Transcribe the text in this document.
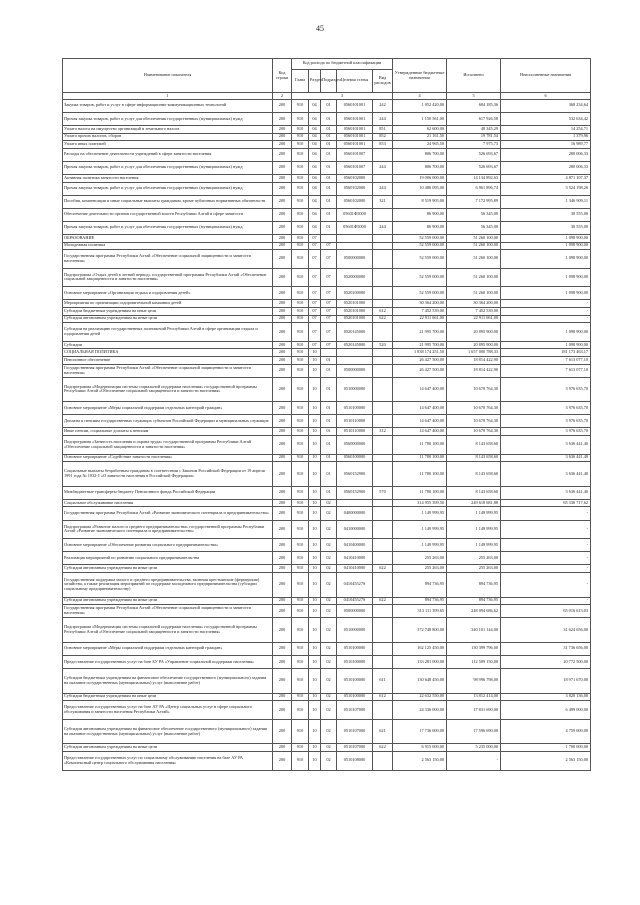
45
Наименование показателя	Код строки	Код расхода по бюджетной классификации					Утвержденные бюджетные назначения	Исполнено	Неисполненные назначения
		Глава	Раздел	Подраздел	Целевая статья	Вид расходов			
1	2	3					4	5	6
Закупка товаров, работ и услуг в сфере информационно-коммуникационных технологий	200	910	04	01	0560101001	242	1 052 420,00	684 185,36	368 234,64
Прочая закупка товаров, работ и услуг для обеспечения государственных (муниципальных) нужд	200	910	04	01	0560101001	244	1 150 561,00	617 926,58	532 634,42
Уплата налога на имущество организаций и земельного налога	200	910	04	01	0560101001	851	62 600,00	48 345,29	14 254,71
Уплата прочих налогов, сборов	200	910	04	01	0560101001	852	21 161,50	19 781,54	1 379,96
Уплата иных платежей	200	910	04	01	0560101001	853	24 965,50	7 975,73	16 989,77
Расходы на обеспечение деятельности учреждений в сфере занятости населения	200	910	04	01	0560101007		806 700,00	526 693,67	280 006,33
Прочая закупка товаров, работ и услуг для обеспечения государственных (муниципальных) нужд	200	910	04	01	0560101007	244	806 700,00	526 693,67	280 006,33
Активная политика занятости населения	200	910	04	01	0560102000		19 006 000,00	14 134 892,63	4 871 107,37
Прочая закупка товаров, работ и услуг для обеспечения государственных (муниципальных) нужд	200	910	04	01	0560102000	244	10 486 095,00	6 961 896,74	3 524 198,26
Пособия, компенсации и иные социальные выплаты гражданам, кроме публичных нормативных обязательств	200	910	04	01	0560102000	321	8 519 905,00	7 172 995,89	1 346 909,11
Обеспечение деятельности органов государственной власти Республики Алтай в сфере занятости	200	910	04	01	05601Ф5000		86 900,00	56 345,00	30 555,00
Прочая закупка товаров, работ и услуг для обеспечения государственных (муниципальных) нужд	200	910	04	01	05601Ф5000	244	86 900,00	56 345,00	30 555,00
ОБРАЗОВАНИЕ	200	910	07				52 559 000,00	51 260 100,00	1 098 900,00
Молодежная политика	200	910	07	07			52 559 000,00	51 260 100,00	1 098 900,00
Государственная программа Республики Алтай «Обеспечение социальной защищенности и занятости населения»	200	910	07	07	0500000000		52 559 000,00	51 260 100,00	1 098 900,00
Подпрограмма «Отдых детей в летний период» государственной программы Республики Алтай «Обеспечение социальной защищенности и занятости населения»	200	910	07	07	0520000000		52 559 000,00	51 260 100,00	1 098 900,00
Основное мероприятие «Организация отдыха и оздоровления детей»	200	910	07	07	0520100000		52 559 000,00	51 260 100,00	1 098 900,00
Мероприятия по организации оздоровительной кампании детей	200	910	07	07	0520101000		30 364 200,00	30 364 200,00	-
Субсидии бюджетным учреждениям на иные цели	200	910	07	07	0520101000	612	7 452 539,00	7 452 539,00	-
Субсидии автономным учреждениям на иные цели	200	910	07	07	0520101000	622	22 911 661,00	22 911 661,00	-
Субсидии на реализацию государственных полномочий Республики Алтай в сфере организации отдыха и оздоровления детей	200	910	07	07	0520145000		21 995 700,00	20 895 900,00	1 098 900,00
Субсидии	200	910	07	07	0520145000	520	21 995 700,00	20 895 900,00	1 098 900,00
СОЦИАЛЬНАЯ ПОЛИТИКА	200	910	10				1 838 174 251,50	1 657 000 788,33	181 173 463,17
Пенсионное обеспечение	200	910	10	01			26 427 500,00	18 814 422,90	7 613 077,10
Государственная программа Республики Алтай «Обеспечение социальной защищенности и занятости населения»	200	910	10	01	0500000000		26 427 500,00	18 814 422,90	7 613 077,10
Подпрограмма «Модернизация системы социальной поддержки населения» государственной программы Республики Алтай «Обеспечение социальной защищенности и занятости населения»	200	910	10	01	0510000000		14 647 400,00	10 670 764,30	3 976 635,70
Основное мероприятие «Меры социальной поддержки отдельных категорий граждан»	200	910	10	01	0510100000		14 647 400,00	10 670 764,30	3 976 635,70
Доплаты к пенсиям государственных служащих субъектов Российской Федерации и муниципальных служащих	200	910	10	01	0510110000		14 647 400,00	10 670 764,30	3 976 635,70
Иные пенсии, социальные доплаты к пенсиям	200	910	10	01	0510110000	312	14 647 400,00	10 670 764,30	3 976 635,70
Подпрограмма «Занятость населения и охрана труда» государственной программы Республики Алтай «Обеспечение социальной защищенности и занятости населения»	200	910	10	01	0560000000		11 780 100,00	8 143 658,60	3 636 441,40
Основное мероприятие «Содействие занятости населения»	200	910	10	01	0560100000		11 780 100,00	8 143 658,60	3 636 441,40
Социальные выплаты безработным гражданам в соответствии с Законом Российской Федерации от 19 апреля 1991 года № 1032-1 «О занятости населения в Российской Федерации»	200	910	10	01	0560152900		11 780 100,00	8 143 658,60	3 636 441,40
Межбюджетные трансферты бюджету Пенсионного фонда Российской Федерации	200	910	10	01	0560152900	570	11 780 100,00	8 143 658,60	3 636 441,40
Социальное обслуживание населения	200	910	10	02			314 955 399,50	249 618 681,88	65 336 717,62
Государственная программа Республики Алтай «Развитие экономического потенциала и предпринимательства»	200	910	10	02	0400000000		1 149 999,95	1 149 999,95	-
Подпрограмма «Развитие малого и среднего предпринимательства» государственной программы Республики Алтай «Развитие экономического потенциала и предпринимательства»	200	910	10	02	0410000000		1 149 999,95	1 149 999,95	-
Основное мероприятие «Обеспечение развития социального предпринимательства»	200	910	10	02	0410400000		1 149 999,95	1 149 999,95	-
Реализация мероприятий по развитию социального предпринимательства	200	910	10	02	0410410000		255 263,00	255 263,00	-
Субсидии автономным учреждениям на иные цели	200	910	10	02	0410410000	622	255 263,00	255 263,00	-
Государственная поддержка малого и среднего предпринимательства, включая крестьянские (фермерские) хозяйства, а также реализация мероприятий по поддержке молодежного предпринимательства (субсидии социальному предпринимательству)	200	910	10	02	041045527S		894 736,95	894 736,95	-
Субсидии автономным учреждениям на иные цели	200	910	10	02	041045527S	622	894 736,95	894 736,95	-
Государственная программа Республики Алтай «Обеспечение социальной защищенности и занятости населения»	200	910	10	02	0500000000		313 111 399,65	248 094 686,62	65 016 613,03
Подпрограмма «Модернизация системы социальной поддержки населения» государственной программы Республики Алтай «Обеспечение социальной защищенности и занятости населения»	200	910	10	02	0510000000		372 748 800,00	340 101 144,00	31 624 656,00
Основное мероприятие «Меры социальной поддержки отдельных категорий граждан»	200	910	10	02	0510100000		162 125 450,00	130 399 796,00	31 736 656,00
Предоставление государственных услуг на базе БУ РА «Управление социальной поддержки населения»	200	910	10	02	0510100000		133 281 000,00	112 509 150,00	20 772 500,00
Субсидии бюджетным учреждениям на финансовое обеспечение государственного (муниципального) задания на оказание государственных (муниципальных) услуг (выполнение работ)	200	910	10	02	0510100000	611	130 648 450,00	98 996 798,00	18 971 670,00
Субсидии бюджетным учреждениям на иные цели	200	910	10	02	0510100000	612	22 632 550,00	13 812 414,00	3 820 136,00
Предоставление государственных услуг на базе АУ РА «Центр социальных услуг в сфере социального обслуживания и занятости населения Республики Алтай»	200	910	10	02	0510107000		24 336 000,00	17 831 690,00	6 499 000,00
Субсидии автономным учреждениям на финансовое обеспечение государственного (муниципального) задания на оказание государственных (муниципальных) услуг (выполнение работ)	200	910	10	02	0510107000	621	17 736 000,00	17 596 690,00	4 759 000,00
Субсидии автономным учреждениям на иные цели	200	910	10	02	0510107000	622	6 915 000,00	5 235 000,00	1 700 000,00
Предоставление государственных услуг по социальному обслуживанию населения на базе АУ РА «Комплексный центр социального обслуживания населения»	200	910	10	02	0510108000		2 563 150,00	-	2 563 150,00
